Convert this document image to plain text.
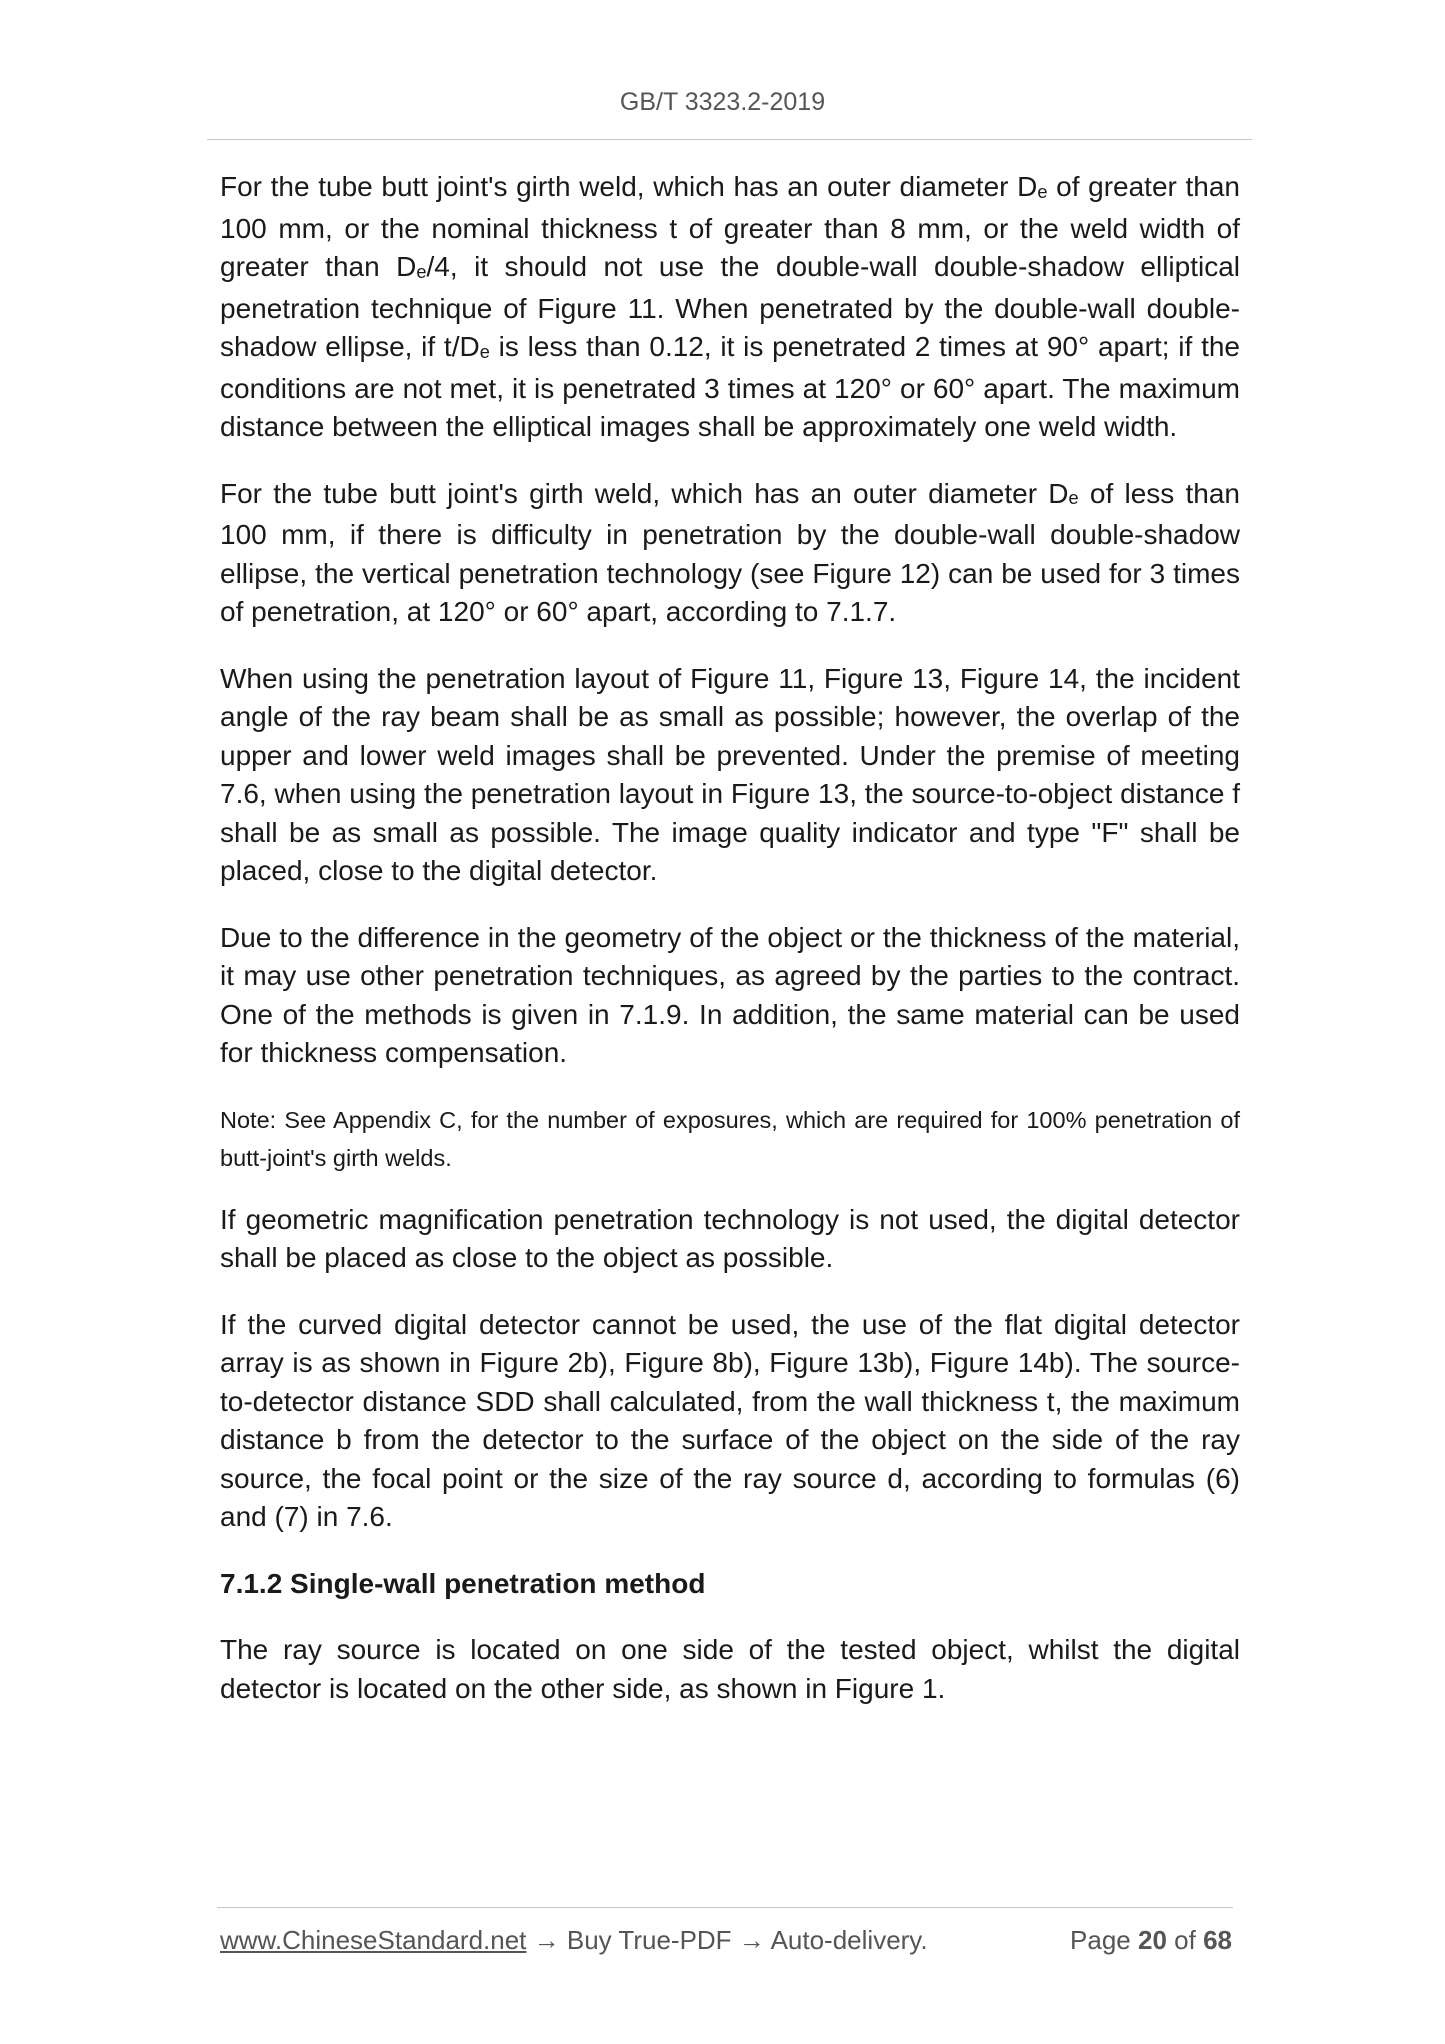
GB/T 3323.2-2019

For the tube butt joint's girth weld, which has an outer diameter De of greater than 100 mm, or the nominal thickness t of greater than 8 mm, or the weld width of greater than De/4, it should not use the double-wall double-shadow elliptical penetration technique of Figure 11. When penetrated by the double-wall double-shadow ellipse, if t/De is less than 0.12, it is penetrated 2 times at 90° apart; if the conditions are not met, it is penetrated 3 times at 120° or 60° apart. The maximum distance between the elliptical images shall be approximately one weld width.

For the tube butt joint's girth weld, which has an outer diameter De of less than 100 mm, if there is difficulty in penetration by the double-wall double-shadow ellipse, the vertical penetration technology (see Figure 12) can be used for 3 times of penetration, at 120° or 60° apart, according to 7.1.7.

When using the penetration layout of Figure 11, Figure 13, Figure 14, the incident angle of the ray beam shall be as small as possible; however, the overlap of the upper and lower weld images shall be prevented. Under the premise of meeting 7.6, when using the penetration layout in Figure 13, the source-to-object distance f shall be as small as possible. The image quality indicator and type "F" shall be placed, close to the digital detector.

Due to the difference in the geometry of the object or the thickness of the material, it may use other penetration techniques, as agreed by the parties to the contract. One of the methods is given in 7.1.9. In addition, the same material can be used for thickness compensation.

Note: See Appendix C, for the number of exposures, which are required for 100% penetration of butt-joint's girth welds.

If geometric magnification penetration technology is not used, the digital detector shall be placed as close to the object as possible.

If the curved digital detector cannot be used, the use of the flat digital detector array is as shown in Figure 2b), Figure 8b), Figure 13b), Figure 14b). The source-to-detector distance SDD shall calculated, from the wall thickness t, the maximum distance b from the detector to the surface of the object on the side of the ray source, the focal point or the size of the ray source d, according to formulas (6) and (7) in 7.6.

7.1.2 Single-wall penetration method

The ray source is located on one side of the tested object, whilst the digital detector is located on the other side, as shown in Figure 1.

www.ChineseStandard.net → Buy True-PDF → Auto-delivery.	Page 20 of 68
